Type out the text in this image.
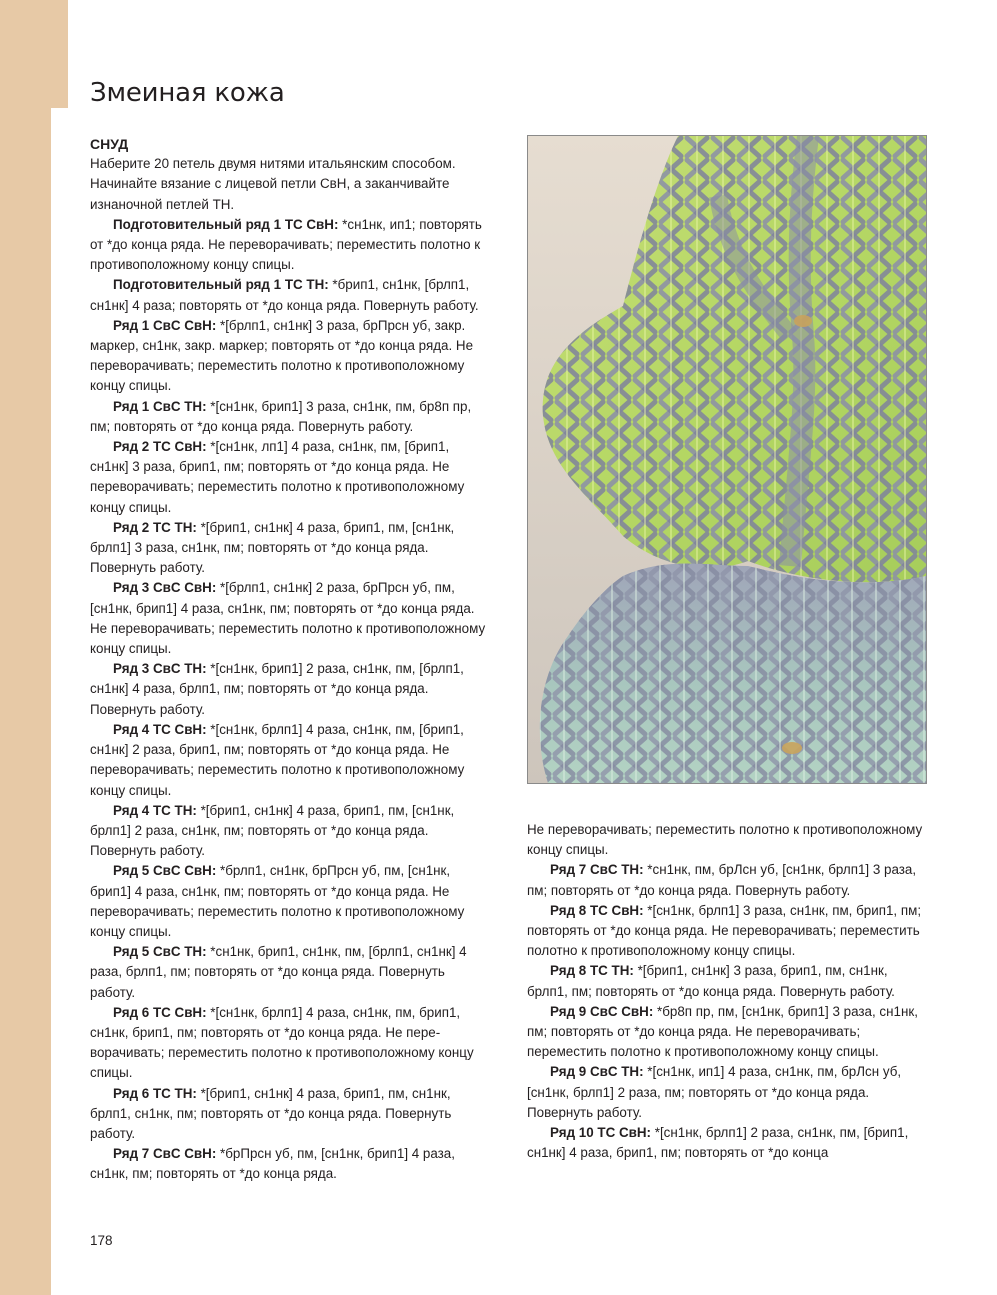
Змеиная кожа

СНУД

Наберите 20 петель двумя нитями итальянским способом. Начинайте вязание с лицевой петли СвН, а заканчивайте изнаночной петлей ТН.

Подготовительный ряд 1 ТС СвН: *сн1нк, ип1; повторять от *до конца ряда. Не переворачивать; переместить полотно к противоположному концу спицы.

Подготовительный ряд 1 ТС ТН: *брип1, сн1нк, [брлп1, сн1нк] 4 раза; повторять от *до конца ряда. Повернуть работу.

Ряд 1 СвС СвН: *[брлп1, сн1нк] 3 раза, брПрсн уб, закр. маркер, сн1нк, закр. маркер; повторять от *до конца ряда. Не переворачивать; переместить полотно к противоположному концу спицы.

Ряд 1 СвС ТН: *[сн1нк, брип1] 3 раза, сн1нк, пм, бр8п пр, пм; повторять от *до конца ряда. Повернуть работу.

Ряд 2 ТС СвН: *[сн1нк, лп1] 4 раза, сн1нк, пм, [брип1, сн1нк] 3 раза, брип1, пм; повторять от *до конца ряда. Не переворачивать; переместить полотно к противоположному концу спицы.

Ряд 2 ТС ТН: *[брип1, сн1нк] 4 раза, брип1, пм, [сн1нк, брлп1] 3 раза, сн1нк, пм; повторять от *до конца ряда. Повернуть работу.

Ряд 3 СвС СвН: *[брлп1, сн1нк] 2 раза, брПрсн уб, пм, [сн1нк, брип1] 4 раза, сн1нк, пм; повторять от *до конца ряда. Не переворачивать; переместить полотно к противоположному концу спицы.

Ряд 3 СвС ТН: *[сн1нк, брип1] 2 раза, сн1нк, пм, [брлп1, сн1нк] 4 раза, брлп1, пм; повторять от *до конца ряда. Повернуть работу.

Ряд 4 ТС СвН: *[сн1нк, брлп1] 4 раза, сн1нк, пм, [брип1, сн1нк] 2 раза, брип1, пм; повторять от *до конца ряда. Не переворачивать; переместить полотно к противоположному концу спицы.

Ряд 4 ТС ТН: *[брип1, сн1нк] 4 раза, брип1, пм, [сн1нк, брлп1] 2 раза, сн1нк, пм; повторять от *до конца ряда. Повернуть работу.

Ряд 5 СвС СвН: *брлп1, сн1нк, брПрсн уб, пм, [сн1нк, брип1] 4 раза, сн1нк, пм; повторять от *до конца ряда. Не переворачивать; переместить полотно к противоположному концу спицы.

Ряд 5 СвС ТН: *сн1нк, брип1, сн1нк, пм, [брлп1, сн1нк] 4 раза, брлп1, пм; повторять от *до конца ряда. Повернуть работу.

Ряд 6 ТС СвН: *[сн1нк, брлп1] 4 раза, сн1нк, пм, брип1, сн1нк, брип1, пм; повторять от *до конца ряда. Не переворачивать; переместить полотно к противоположному концу спицы.

Ряд 6 ТС ТН: *[брип1, сн1нк] 4 раза, брип1, пм, сн1нк, брлп1, сн1нк, пм; повторять от *до конца ряда. Повернуть работу.

Ряд 7 СвС СвН: *брПрсн уб, пм, [сн1нк, брип1] 4 раза, сн1нк, пм; повторять от *до конца ряда.

Не переворачивать; переместить полотно к противоположному концу спицы.

Ряд 7 СвС ТН: *сн1нк, пм, брЛсн уб, [сн1нк, брлп1] 3 раза, пм; повторять от *до конца ряда. Повернуть работу.

Ряд 8 ТС СвН: *[сн1нк, брлп1] 3 раза, сн1нк, пм, брип1, пм; повторять от *до конца ряда. Не переворачивать; переместить полотно к противоположному концу спицы.

Ряд 8 ТС ТН: *[брип1, сн1нк] 3 раза, брип1, пм, сн1нк, брлп1, пм; повторять от *до конца ряда. Повернуть работу.

Ряд 9 СвС СвН: *бр8п пр, пм, [сн1нк, брип1] 3 раза, сн1нк, пм; повторять от *до конца ряда. Не переворачивать; переместить полотно к противоположному концу спицы.

Ряд 9 СвС ТН: *[сн1нк, ип1] 4 раза, сн1нк, пм, брЛсн уб, [сн1нк, брлп1] 2 раза, пм; повторять от *до конца ряда. Повернуть работу.

Ряд 10 ТС СвН: *[сн1нк, брлп1] 2 раза, сн1нк, пм, [брип1, сн1нк] 4 раза, брип1, пм; повторять от *до конца

178
